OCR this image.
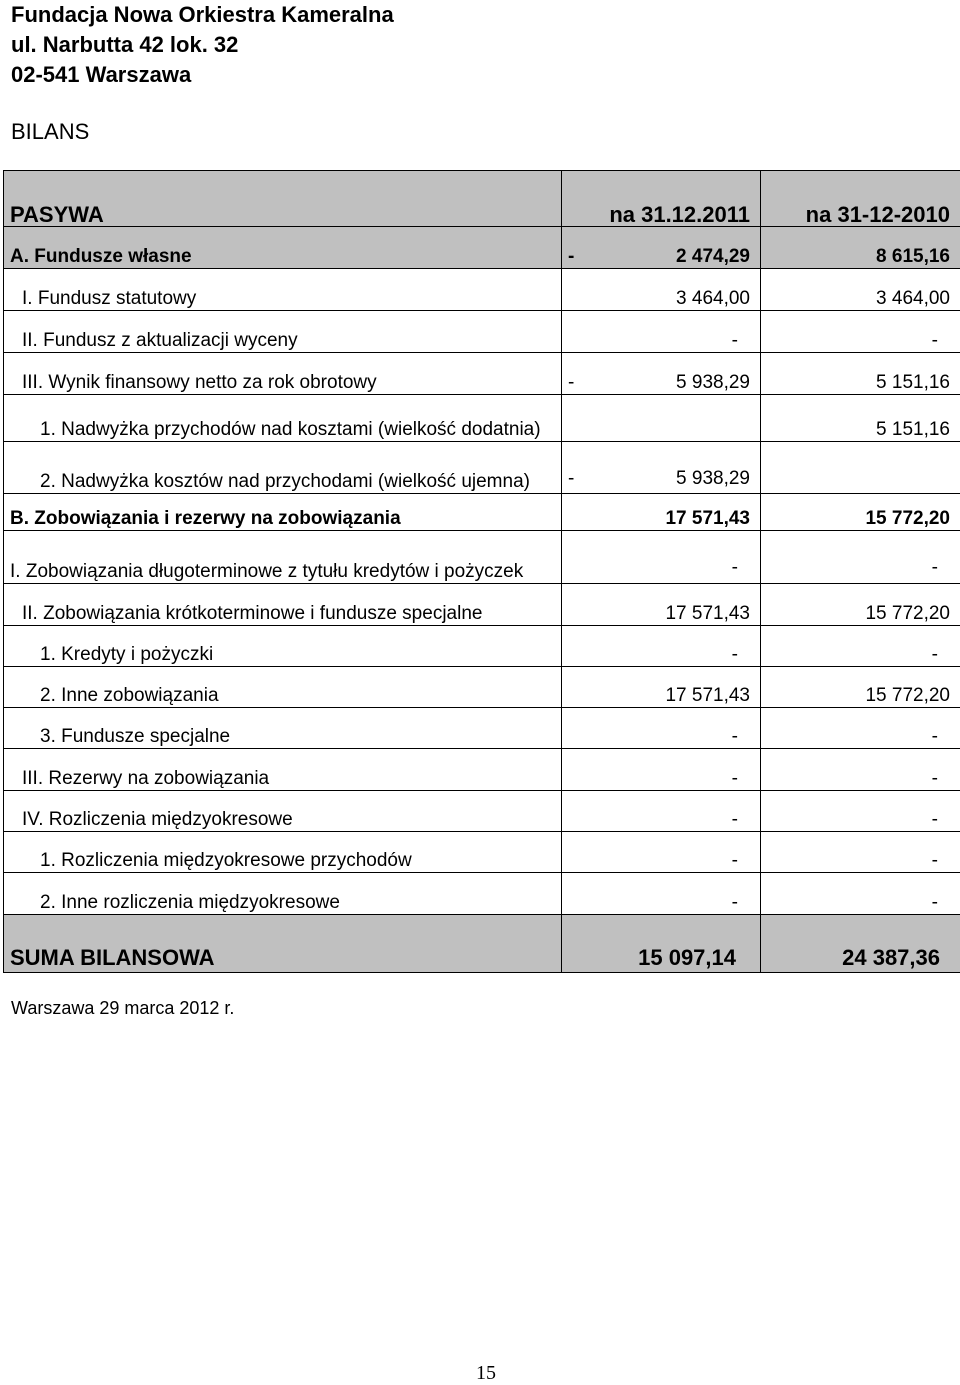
Fundacja Nowa Orkiestra Kameralna
ul. Narbutta 42 lok. 32
02-541 Warszawa
BILANS
PASYWA	na 31.12.2011	na 31-12-2010
A. Fundusze własne	- 2 474,29	8 615,16
I. Fundusz statutowy	3 464,00	3 464,00
II. Fundusz z aktualizacji wyceny	-	-
III. Wynik finansowy netto za rok obrotowy	- 5 938,29	5 151,16
1. Nadwyżka przychodów nad kosztami (wielkość dodatnia)		5 151,16
2. Nadwyżka kosztów nad przychodami (wielkość ujemna)	- 5 938,29	

B. Zobowiązania i rezerwy na zobowiązania	17 571,43	15 772,20
I. Zobowiązania długoterminowe z tytułu kredytów i pożyczek	-	-
II. Zobowiązania krótkoterminowe i fundusze specjalne	17 571,43	15 772,20
1. Kredyty i pożyczki	-	-
2. Inne zobowiązania	17 571,43	15 772,20
3. Fundusze specjalne	-	-
III. Rezerwy na zobowiązania	-	-
IV. Rozliczenia międzyokresowe	-	-
1. Rozliczenia międzyokresowe przychodów	-	-
2. Inne rozliczenia międzyokresowe	-	-
SUMA BILANSOWA	15 097,14	24 387,36
Warszawa 29 marca 2012 r.
15
